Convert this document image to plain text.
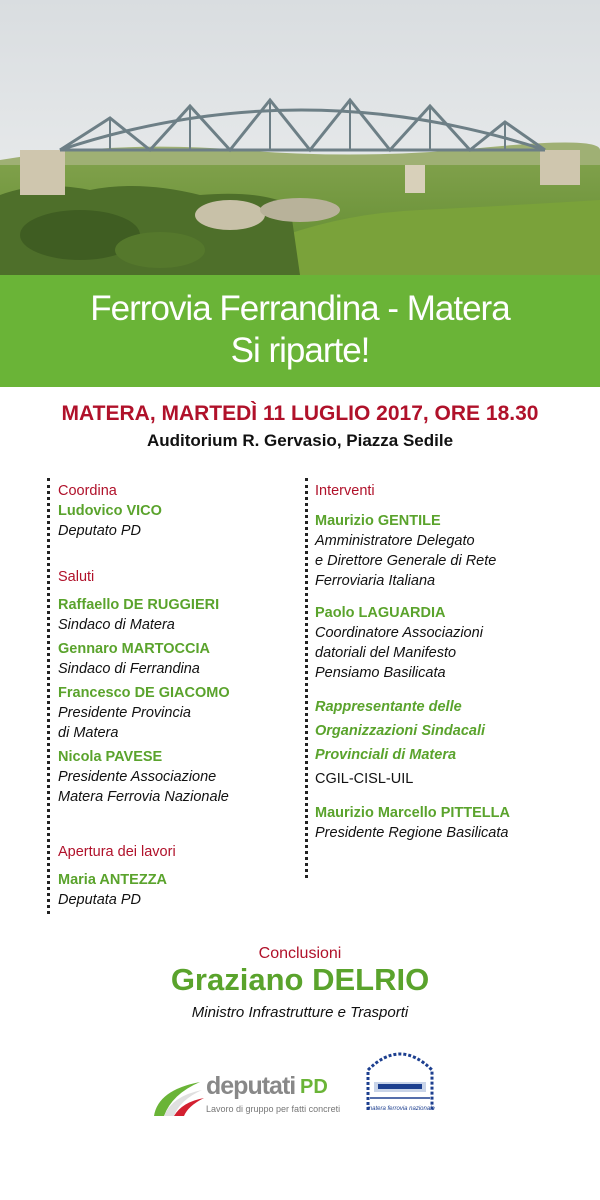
Ferrovia Ferrandina - Matera
Si riparte!
MATERA, MARTEDÌ 11 LUGLIO 2017, ORE 18.30
Auditorium R. Gervasio, Piazza Sedile
Coordina
Ludovico VICO
Deputato PD
Saluti
Raffaello DE RUGGIERI
Sindaco di Matera
Gennaro MARTOCCIA
Sindaco di Ferrandina
Francesco DE GIACOMO
Presidente Provincia
di Matera
Nicola PAVESE
Presidente Associazione
Matera Ferrovia Nazionale
Apertura dei lavori
Maria ANTEZZA
Deputata PD
Interventi
Maurizio GENTILE
Amministratore Delegato
e Direttore Generale di Rete
Ferroviaria Italiana
Paolo LAGUARDIA
Coordinatore Associazioni
datoriali del Manifesto
Pensiamo Basilicata
Rappresentante delle
Organizzazioni Sindacali
Provinciali di Matera
CGIL-CISL-UIL
Maurizio Marcello PITTELLA
Presidente Regione Basilicata
Conclusioni
Graziano DELRIO
Ministro Infrastrutture e Trasporti
deputati PD
Lavoro di gruppo per fatti concreti	matera ferrovia nazionale
